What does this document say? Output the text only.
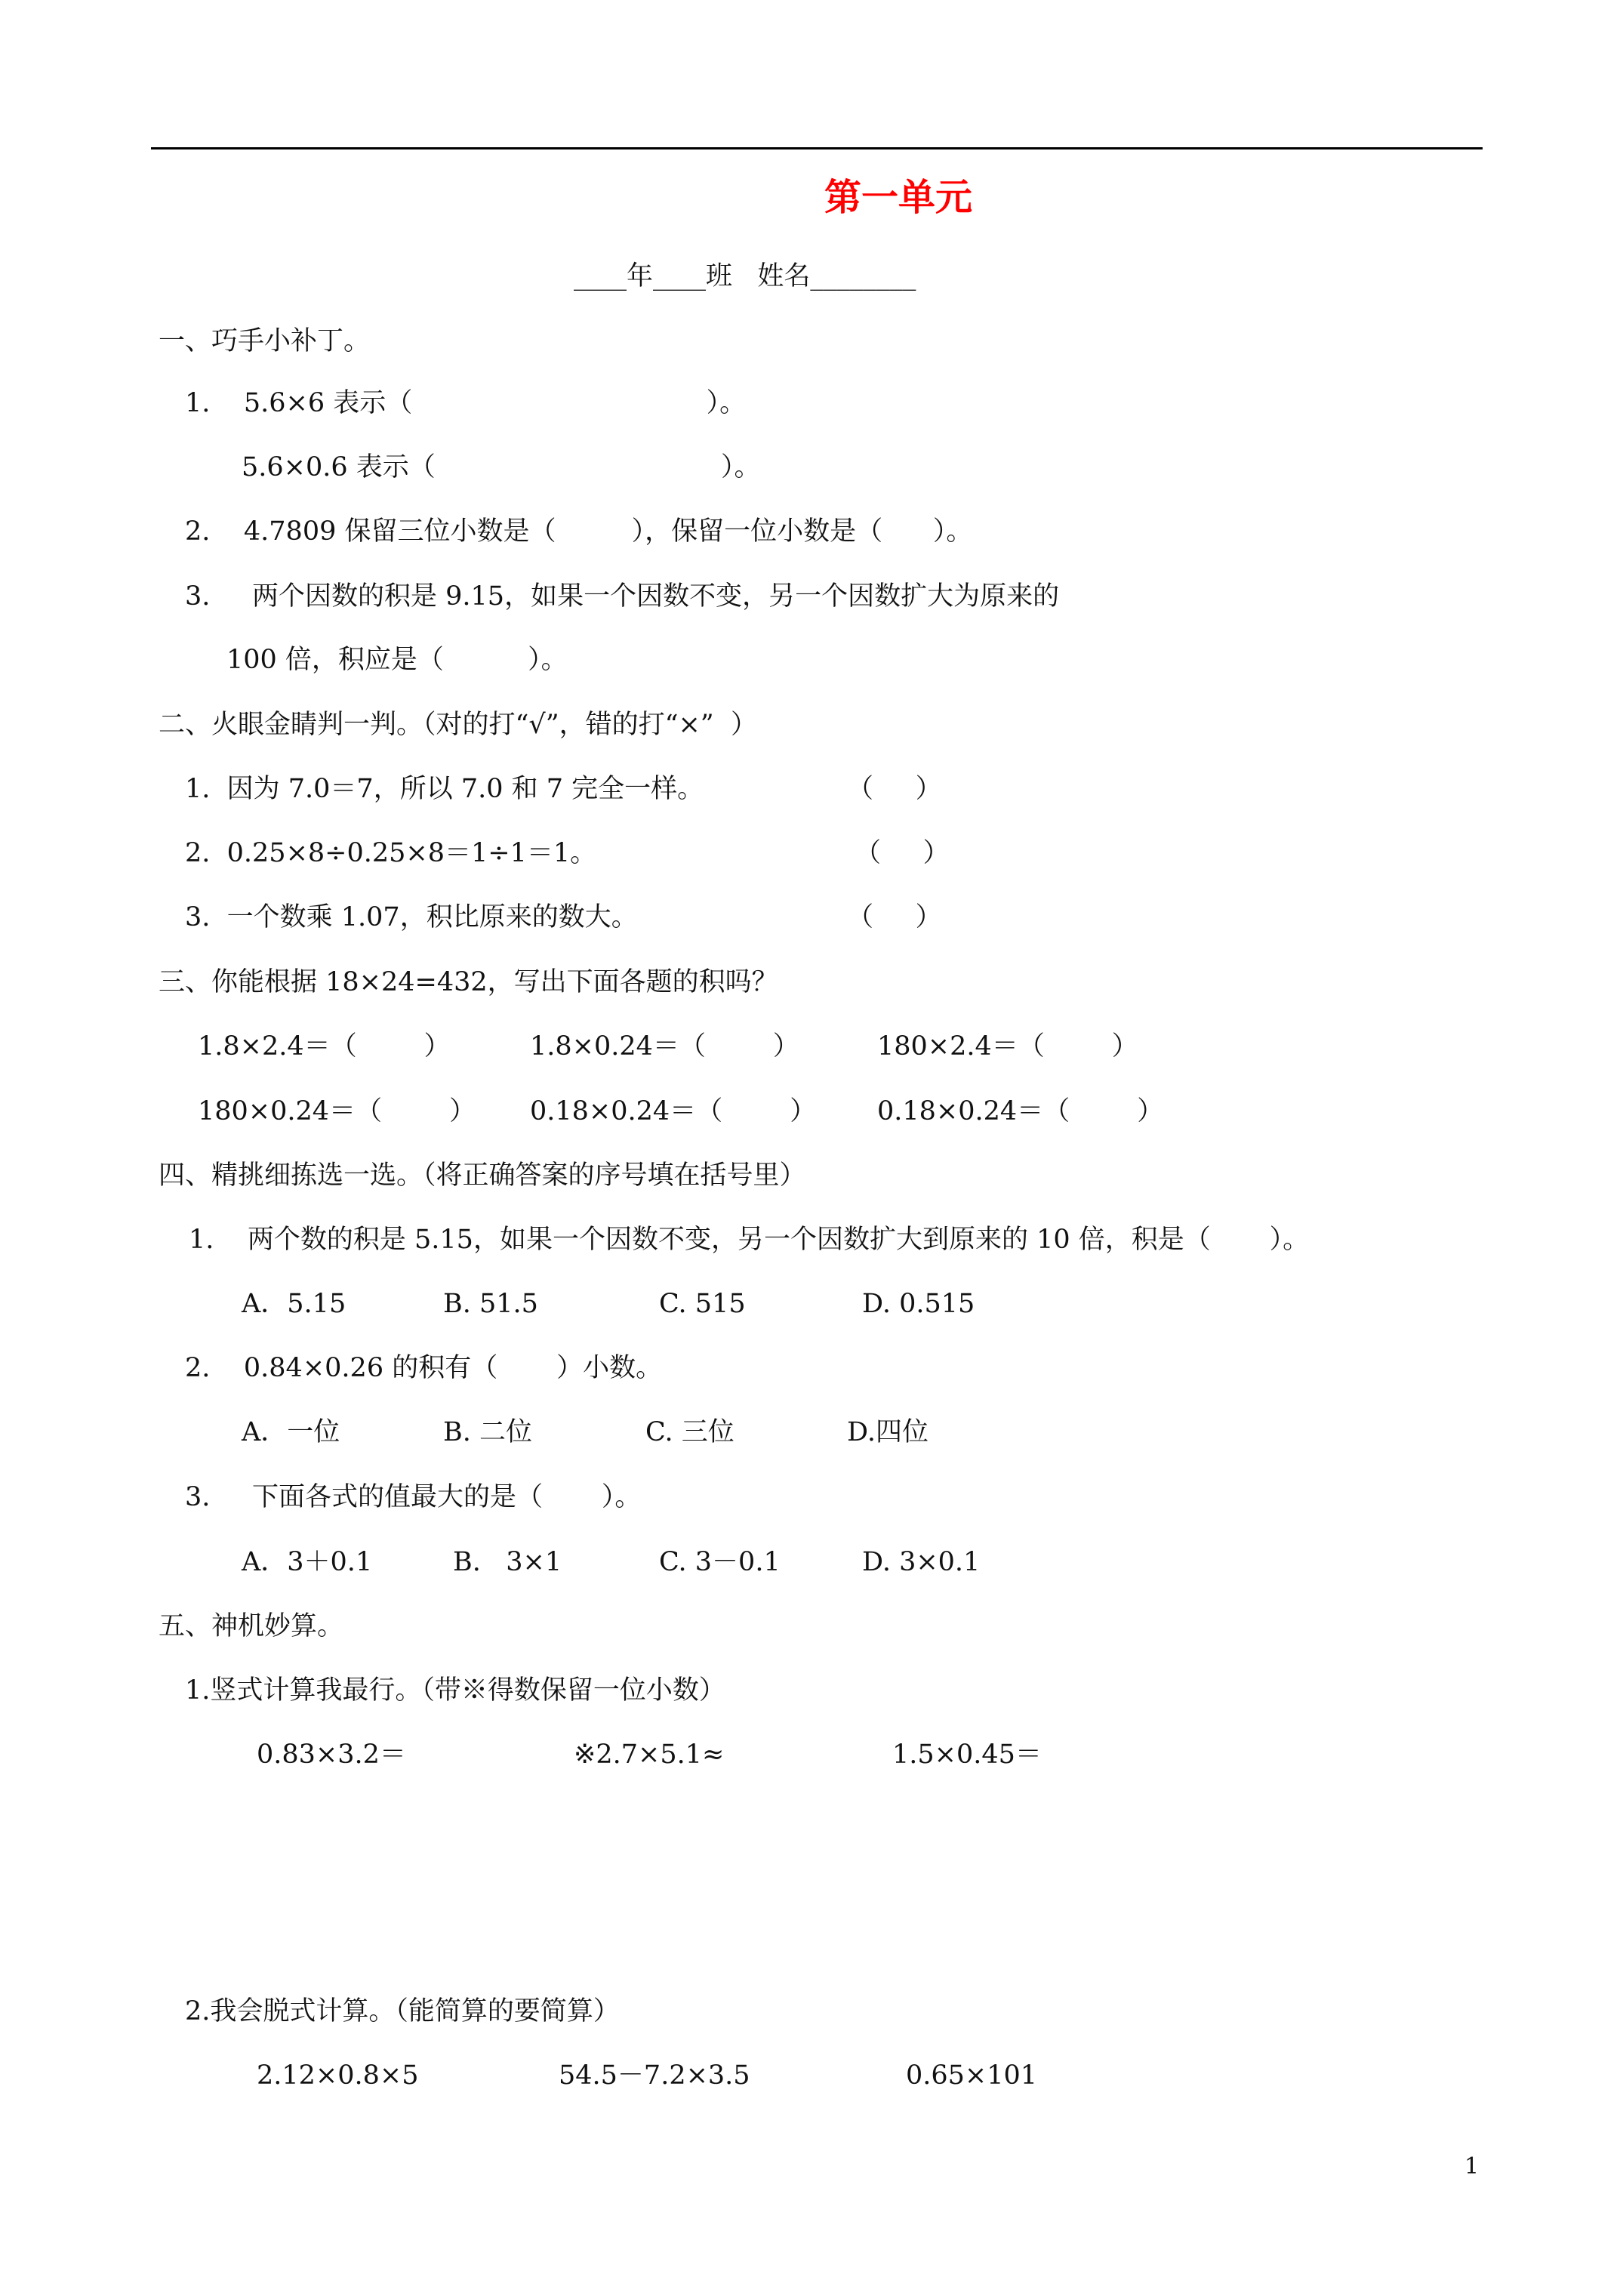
第一单元
____年____班   姓名________
一、巧手小补丁。
1.    5.6×6 表示（                                   ）。
5.6×0.6 表示（                                  ）。
2.    4.7809 保留三位小数是（         ），保留一位小数是（      ）。
3.     两个因数的积是 9.15，如果一个因数不变，另一个因数扩大为原来的
100 倍，积应是（          ）。
二、火眼金睛判一判。（对的打“√”，错的打“×”  ）
1.  因为 7.0＝7，所以 7.0 和 7 完全一样。	（     ）
2.  0.25×8÷0.25×8＝1÷1＝1。	（     ）
3.  一个数乘 1.07，积比原来的数大。	（     ）
三、你能根据 18×24=432，写出下面各题的积吗？
1.8×2.4＝（        ）	1.8×0.24＝（        ）	180×2.4＝（        ）
180×0.24＝（        ） 0.18×0.24＝（        ） 0.18×0.24＝（        ）
四、精挑细拣选一选。（将正确答案的序号填在括号里）
1.    两个数的积是 5.15，如果一个因数不变，另一个因数扩大到原来的 10 倍，积是（       ）。
A．5.15	B. 51.5	C. 515	D. 0.515
2.    0.84×0.26 的积有（       ）小数。
A．一位	B. 二位	C. 三位	D.四位
3.     下面各式的值最大的是（       ）。
A．3＋0.1	B.   3×1	C. 3－0.1	D. 3×0.1
五、神机妙算。
1.竖式计算我最行。（带※得数保留一位小数）
0.83×3.2＝	※2.7×5.1≈	1.5×0.45＝
2.我会脱式计算。（能简算的要简算）
2.12×0.8×5	54.5－7.2×3.5	0.65×101
1
